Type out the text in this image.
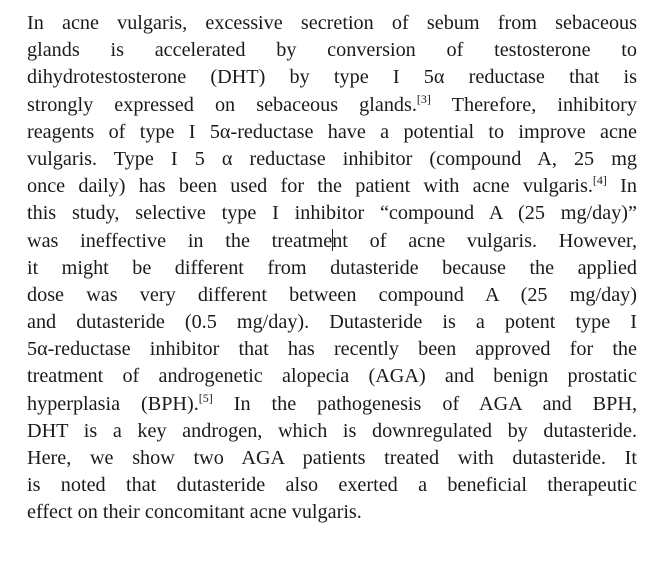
In acne vulgaris, excessive secretion of sebum from sebaceous
glands is accelerated by conversion of testosterone to
dihydrotestosterone (DHT) by type I 5α reductase that is
strongly expressed on sebaceous glands.[3] Therefore, inhibitory
reagents of type I 5α-reductase have a potential to improve acne
vulgaris. Type I 5 α reductase inhibitor (compound A, 25 mg
once daily) has been used for the patient with acne vulgaris.[4] In
this study, selective type I inhibitor “compound A (25 mg/day)”
was ineffective in the treatment of acne vulgaris. However,
it might be different from dutasteride because the applied
dose was very different between compound A (25 mg/day)
and dutasteride (0.5 mg/day). Dutasteride is a potent type I
5α-reductase inhibitor that has recently been approved for the
treatment of androgenetic alopecia (AGA) and benign prostatic
hyperplasia (BPH).[5] In the pathogenesis of AGA and BPH,
DHT is a key androgen, which is downregulated by dutasteride.
Here, we show two AGA patients treated with dutasteride. It
is noted that dutasteride also exerted a beneficial therapeutic
effect on their concomitant acne vulgaris.
